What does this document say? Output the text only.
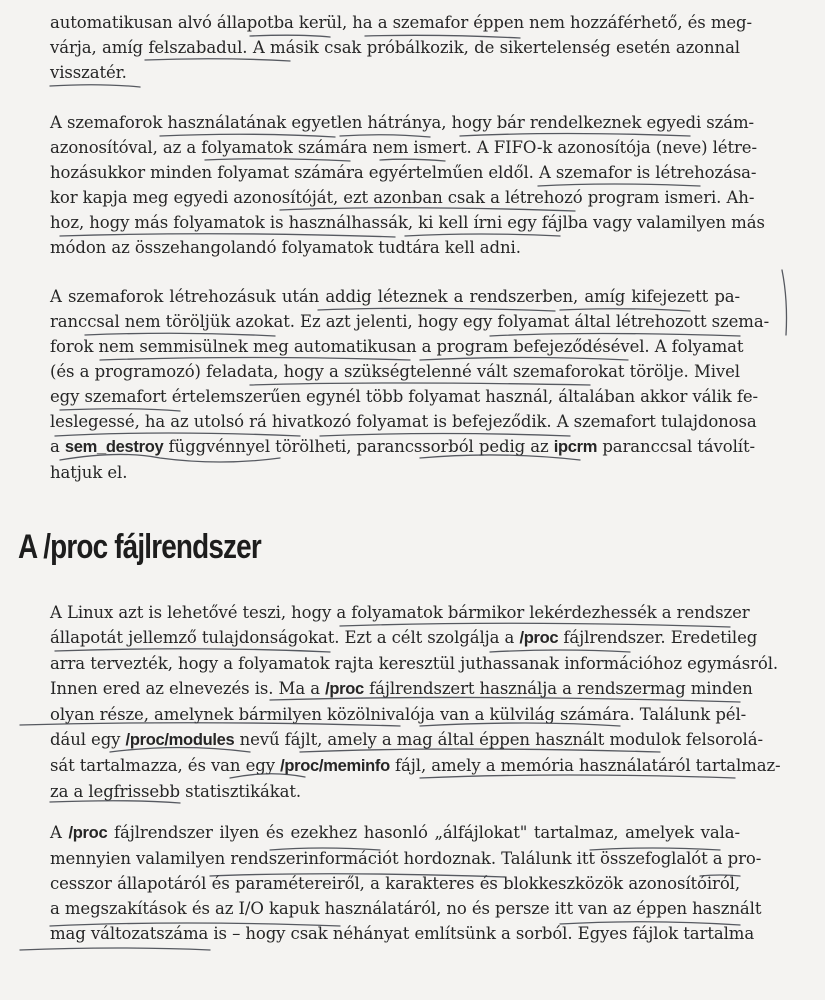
automatikusan alvó állapotba kerül, ha a szemafor éppen nem hozzáférhető, és meg-
várja, amíg felszabadul. A másik csak próbálkozik, de sikertelenség esetén azonnal
visszatér.
A szemaforok használatának egyetlen hátránya, hogy bár rendelkeznek egyedi szám-
azonosítóval, az a folyamatok számára nem ismert. A FIFO-k azonosítója (neve) létre-
hozásukkor minden folyamat számára egyértelműen eldől. A szemafor is létrehozása-
kor kapja meg egyedi azonosítóját, ezt azonban csak a létrehozó program ismeri. Ah-
hoz, hogy más folyamatok is használhassák, ki kell írni egy fájlba vagy valamilyen más
módon az összehangolandó folyamatok tudtára kell adni.
A szemaforok létrehozásuk után addig léteznek a rendszerben, amíg kifejezett pa-
ranccsal nem töröljük azokat. Ez azt jelenti, hogy egy folyamat által létrehozott szema-
forok nem semmisülnek meg automatikusan a program befejeződésével. A folyamat
(és a programozó) feladata, hogy a szükségtelenné vált szemaforokat törölje. Mivel
egy szemafort értelemszerűen egynél több folyamat használ, általában akkor válik fe-
leslegessé, ha az utolsó rá hivatkozó folyamat is befejeződik. A szemafort tulajdonosa
a sem_destroy függvénnyel törölheti, parancssorból pedig az ipcrm paranccsal távolít-
hatjuk el.
A /proc fájlrendszer
A Linux azt is lehetővé teszi, hogy a folyamatok bármikor lekérdezhessék a rendszer
állapotát jellemző tulajdonságokat. Ezt a célt szolgálja a /proc fájlrendszer. Eredetileg
arra tervezték, hogy a folyamatok rajta keresztül juthassanak információhoz egymásról.
Innen ered az elnevezés is. Ma a /proc fájlrendszert használja a rendszermag minden
olyan része, amelynek bármilyen közölnivalója van a külvilág számára. Találunk pél-
dául egy /proc/modules nevű fájlt, amely a mag által éppen használt modulok felsorolá-
sát tartalmazza, és van egy /proc/meminfo fájl, amely a memória használatáról tartalmaz-
za a legfrissebb statisztikákat.
A /proc fájlrendszer ilyen és ezekhez hasonló „álfájlokat" tartalmaz, amelyek vala-
mennyien valamilyen rendszerinformációt hordoznak. Találunk itt összefoglalót a pro-
cesszor állapotáról és paramétereiről, a karakteres és blokkeszközök azonosítóiról,
a megszakítások és az I/O kapuk használatáról, no és persze itt van az éppen használt
mag változatszáma is – hogy csak néhányat említsünk a sorból. Egyes fájlok tartalma
